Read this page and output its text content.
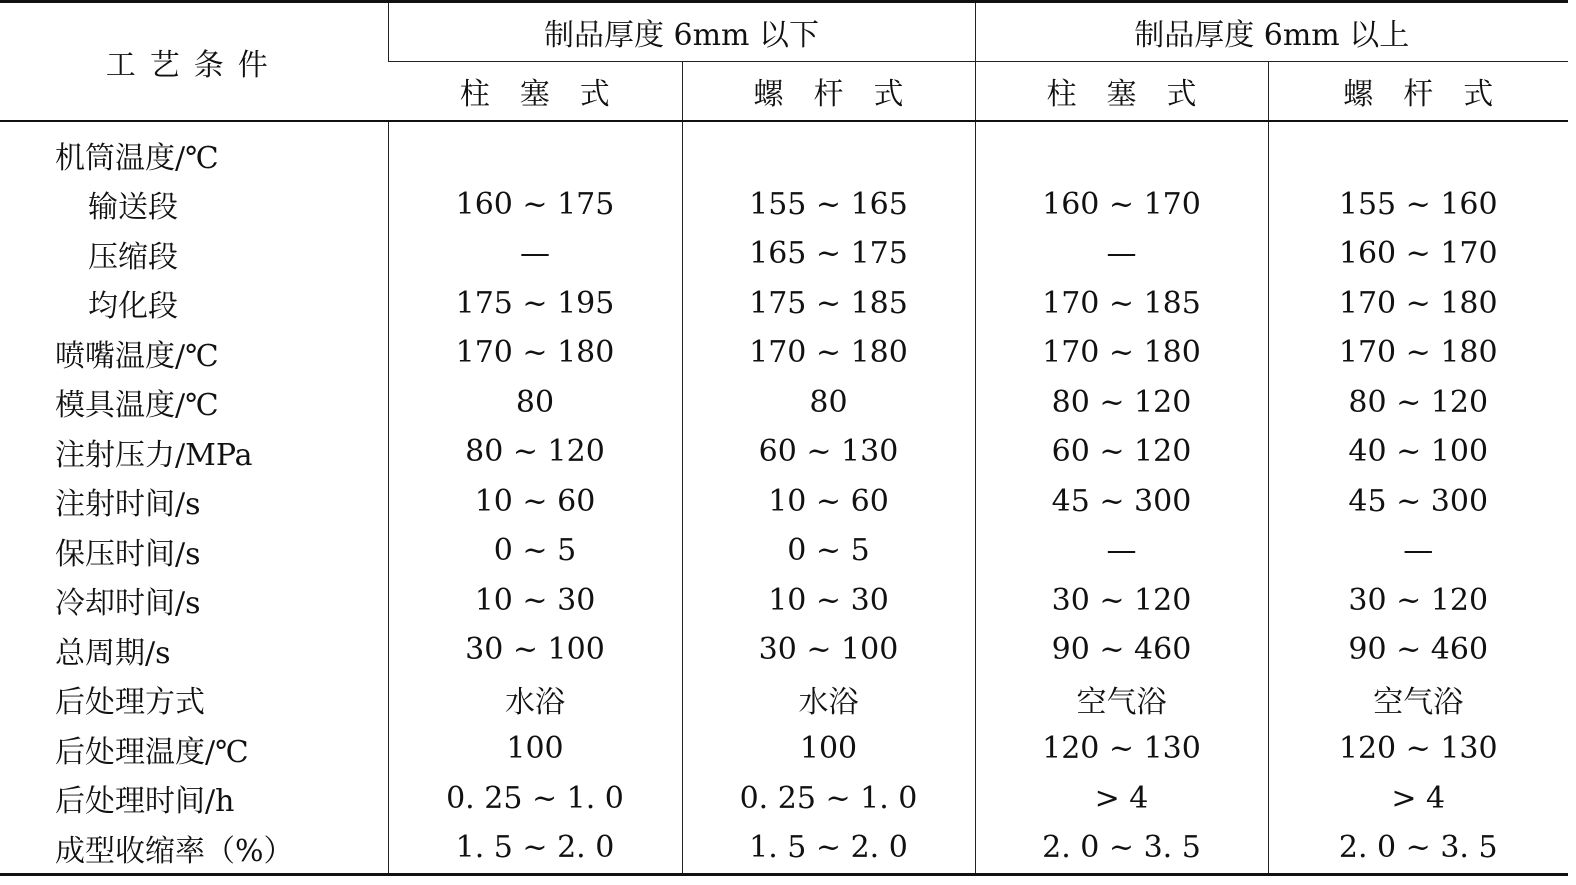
工艺条件	制品厚度 6mm 以下		制品厚度 6mm 以上	
	柱塞式	螺杆式	柱塞式	螺杆式
机筒温度/℃				
输送段	160 ~ 175	155 ~ 165	160 ~ 170	155 ~ 160
压缩段	—	165 ~ 175	—	160 ~ 170
均化段	175 ~ 195	175 ~ 185	170 ~ 185	170 ~ 180
喷嘴温度/℃	170 ~ 180	170 ~ 180	170 ~ 180	170 ~ 180
模具温度/℃	80	80	80 ~ 120	80 ~ 120
注射压力/MPa	80 ~ 120	60 ~ 130	60 ~ 120	40 ~ 100
注射时间/s	10 ~ 60	10 ~ 60	45 ~ 300	45 ~ 300
保压时间/s	0 ~ 5	0 ~ 5	—	—
冷却时间/s	10 ~ 30	10 ~ 30	30 ~ 120	30 ~ 120
总周期/s	30 ~ 100	30 ~ 100	90 ~ 460	90 ~ 460
后处理方式	水浴	水浴	空气浴	空气浴
后处理温度/℃	100	100	120 ~ 130	120 ~ 130
后处理时间/h	0. 25 ~ 1. 0	0. 25 ~ 1. 0	> 4	> 4
成型收缩率（%）	1. 5 ~ 2. 0	1. 5 ~ 2. 0	2. 0 ~ 3. 5	2. 0 ~ 3. 5
